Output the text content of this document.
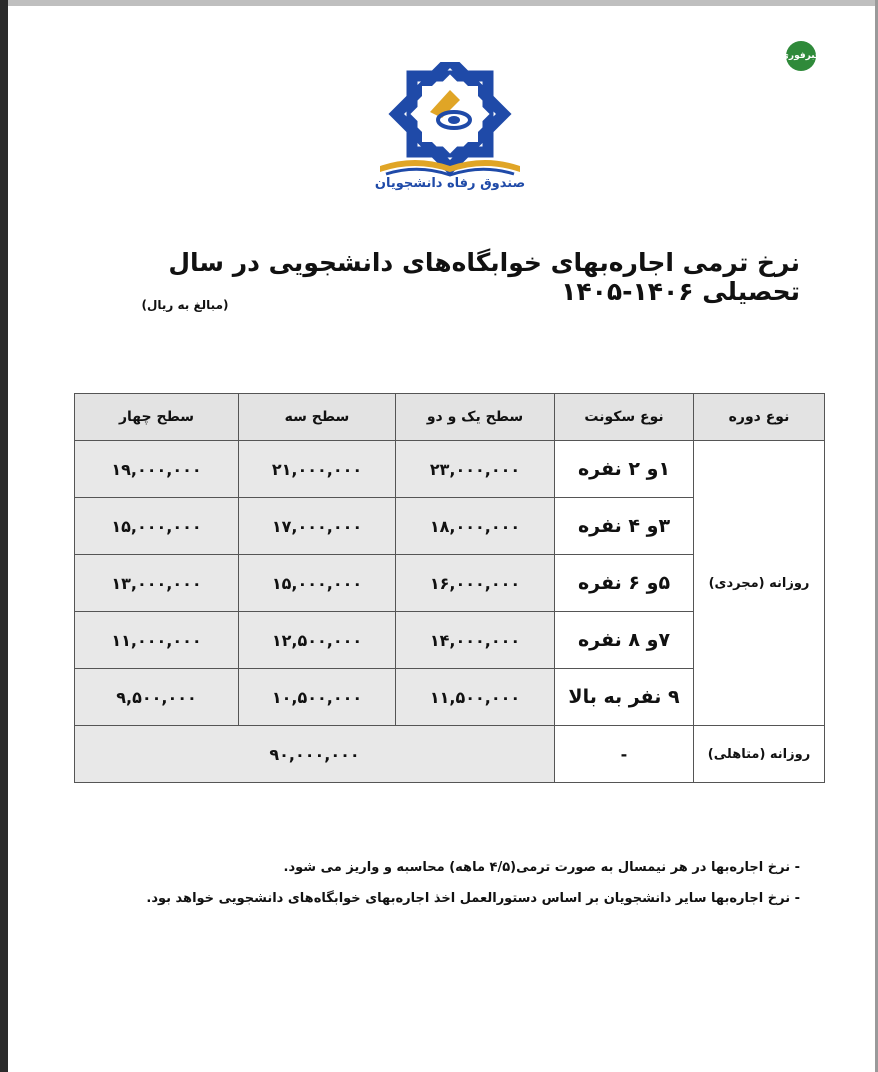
خبرفوری
صندوق رفاه دانشجویان
نرخ ترمی اجاره‌بهای خوابگاه‌های دانشجویی در سال تحصیلی ۱۴۰۶-۱۴۰۵
(مبالغ به ریال)
نوع دوره	نوع سکونت	سطح یک و دو	سطح سه	سطح چهار
روزانه (مجردی)	۱و ۲ نفره	۲۳,۰۰۰,۰۰۰	۲۱,۰۰۰,۰۰۰	۱۹,۰۰۰,۰۰۰
	۳و ۴ نفره	۱۸,۰۰۰,۰۰۰	۱۷,۰۰۰,۰۰۰	۱۵,۰۰۰,۰۰۰
	۵و ۶ نفره	۱۶,۰۰۰,۰۰۰	۱۵,۰۰۰,۰۰۰	۱۳,۰۰۰,۰۰۰
	۷و ۸ نفره	۱۴,۰۰۰,۰۰۰	۱۲,۵۰۰,۰۰۰	۱۱,۰۰۰,۰۰۰
	۹ نفر به بالا	۱۱,۵۰۰,۰۰۰	۱۰,۵۰۰,۰۰۰	۹,۵۰۰,۰۰۰
روزانه (متاهلی)	-	۹۰,۰۰۰,۰۰۰		
- نرخ اجاره‌بها در هر نیمسال به صورت ترمی(۴/۵ ماهه) محاسبه و واریز می شود.
- نرخ اجاره‌بها سایر دانشجویان بر اساس دستورالعمل اخذ اجاره‌بهای خوابگاه‌های دانشجویی خواهد بود.
